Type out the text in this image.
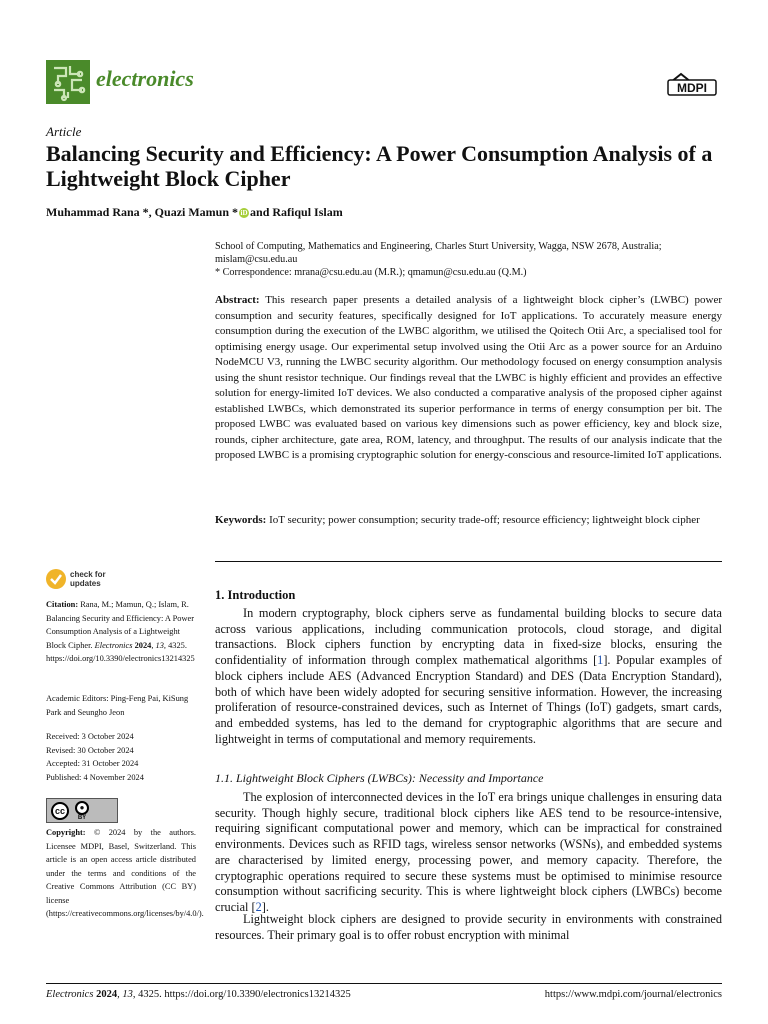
electronics	MDPI
Article
Balancing Security and Efficiency: A Power Consumption Analysis of a Lightweight Block Cipher
Muhammad Rana *, Quazi Mamun * iD and Rafiqul Islam
School of Computing, Mathematics and Engineering, Charles Sturt University, Wagga, NSW 2678, Australia; mislam@csu.edu.au
* Correspondence: mrana@csu.edu.au (M.R.); qmamun@csu.edu.au (Q.M.)
Abstract: This research paper presents a detailed analysis of a lightweight block cipher’s (LWBC) power consumption and security features, specifically designed for IoT applications. To accurately measure energy consumption during the execution of the LWBC algorithm, we utilised the Qoitech Otii Arc, a specialised tool for optimising energy usage. Our experimental setup involved using the Otii Arc as a power source for an Arduino NodeMCU V3, running the LWBC security algorithm. Our methodology focused on energy consumption analysis using the shunt resistor technique. Our findings reveal that the LWBC is highly efficient and provides an effective solution for energy-limited IoT devices. We also conducted a comparative analysis of the proposed cipher against established LWBCs, which demonstrated its superior performance in terms of energy consumption per bit. The proposed LWBC was evaluated based on various key dimensions such as power efficiency, key and block size, rounds, cipher architecture, gate area, ROM, latency, and throughput. The results of our analysis indicate that the proposed LWBC is a promising cryptographic solution for energy-conscious and resource-limited IoT applications.
Keywords: IoT security; power consumption; security trade-off; resource efficiency; lightweight block cipher
check for
updates
Citation: Rana, M.; Mamun, Q.; Islam, R. Balancing Security and Efficiency: A Power Consumption Analysis of a Lightweight Block Cipher. Electronics 2024, 13, 4325. https://doi.org/10.3390/electronics13214325
Academic Editors: Ping-Feng Pai, KiSung Park and Seungho Jeon
Received: 3 October 2024
Revised: 30 October 2024
Accepted: 31 October 2024
Published: 4 November 2024
cc	●
BY
Copyright: © 2024 by the authors. Licensee MDPI, Basel, Switzerland. This article is an open access article distributed under the terms and conditions of the Creative Commons Attribution (CC BY) license (https://creativecommons.org/licenses/by/4.0/).
1. Introduction
In modern cryptography, block ciphers serve as fundamental building blocks to secure data across various applications, including communication protocols, cloud storage, and digital transactions. Block ciphers function by encrypting data in fixed-size blocks, ensuring the confidentiality of information through complex mathematical algorithms [1]. Popular examples of block ciphers include AES (Advanced Encryption Standard) and DES (Data Encryption Standard), both of which have been widely adopted for securing sensitive information. However, the increasing proliferation of resource-constrained devices, such as Internet of Things (IoT) gadgets, smart cards, and embedded systems, has led to the demand for cryptographic algorithms that are secure and lightweight in terms of computational and memory requirements.
1.1. Lightweight Block Ciphers (LWBCs): Necessity and Importance
The explosion of interconnected devices in the IoT era brings unique challenges in ensuring data security. Though highly secure, traditional block ciphers like AES tend to be resource-intensive, requiring significant computational power and memory, which can be impractical for constrained environments. Devices such as RFID tags, wireless sensor networks (WSNs), and embedded systems are characterised by limited energy, processing power, and memory capacity. Therefore, the cryptographic operations required to secure these systems must be optimised to minimise resource consumption without sacrificing security. This is where lightweight block ciphers (LWBCs) become crucial [2].
Lightweight block ciphers are designed to provide security in environments with constrained resources. Their primary goal is to offer robust encryption with minimal
Electronics 2024, 13, 4325. https://doi.org/10.3390/electronics13214325	https://www.mdpi.com/journal/electronics
